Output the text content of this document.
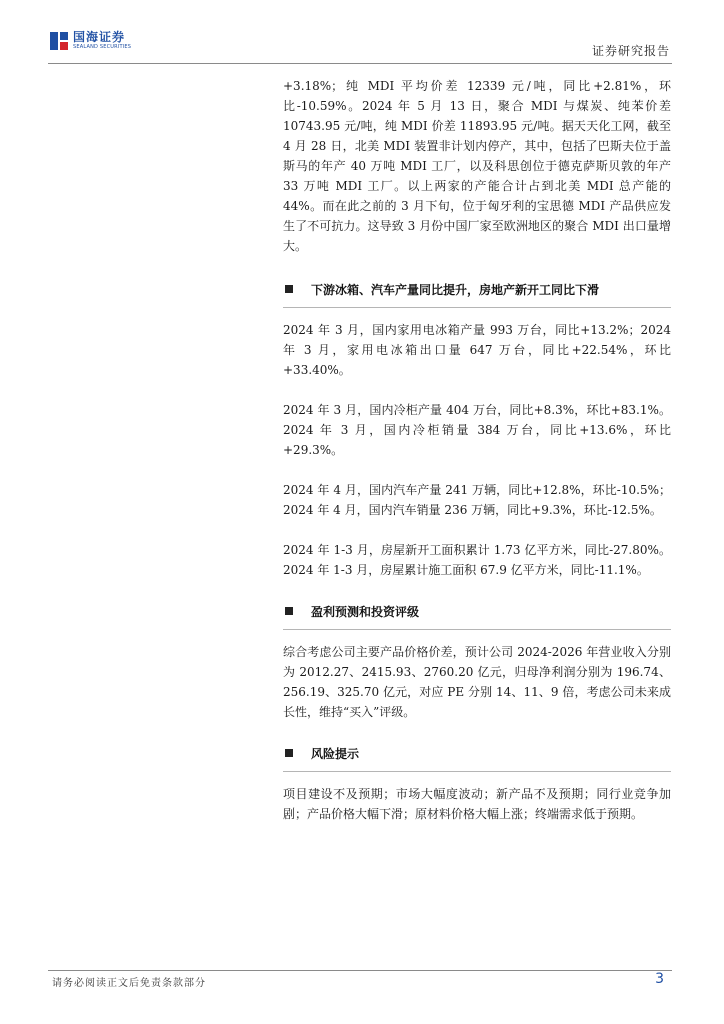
国海证券
SEALAND SECURITIES	证券研究报告

+3.18%；纯 MDI 平均价差 12339 元/吨，同比+2.81%，环比-10.59%。2024 年 5 月 13 日，聚合 MDI 与煤炭、纯苯价差 10743.95 元/吨，纯 MDI 价差 11893.95 元/吨。据天天化工网，截至 4 月 28 日，北美 MDI 装置非计划内停产，其中，包括了巴斯夫位于盖斯马的年产 40 万吨 MDI 工厂，以及科思创位于德克萨斯贝敦的年产 33 万吨 MDI 工厂。以上两家的产能合计占到北美 MDI 总产能的 44%。而在此之前的 3 月下旬，位于匈牙利的宝思德 MDI 产品供应发生了不可抗力。这导致 3 月份中国厂家至欧洲地区的聚合 MDI 出口量增大。

下游冰箱、汽车产量同比提升，房地产新开工同比下滑

2024 年 3 月，国内家用电冰箱产量 993 万台，同比+13.2%；2024 年 3 月，家用电冰箱出口量 647 万台，同比+22.54%，环比+33.40%。

2024 年 3 月，国内冷柜产量 404 万台，同比+8.3%，环比+83.1%。2024 年 3 月，国内冷柜销量 384 万台，同比+13.6%，环比+29.3%。

2024 年 4 月，国内汽车产量 241 万辆，同比+12.8%，环比-10.5%；2024 年 4 月，国内汽车销量 236 万辆，同比+9.3%，环比-12.5%。

2024 年 1-3 月，房屋新开工面积累计 1.73 亿平方米，同比-27.80%。2024 年 1-3 月，房屋累计施工面积 67.9 亿平方米，同比-11.1%。

盈利预测和投资评级

综合考虑公司主要产品价格价差，预计公司 2024-2026 年营业收入分别为 2012.27、2415.93、2760.20 亿元，归母净利润分别为 196.74、256.19、325.70 亿元，对应 PE 分别 14、11、9 倍，考虑公司未来成长性，维持“买入”评级。

风险提示

项目建设不及预期；市场大幅度波动；新产品不及预期；同行业竞争加剧；产品价格大幅下滑；原材料价格大幅上涨；终端需求低于预期。

请务必阅读正文后免责条款部分	3
